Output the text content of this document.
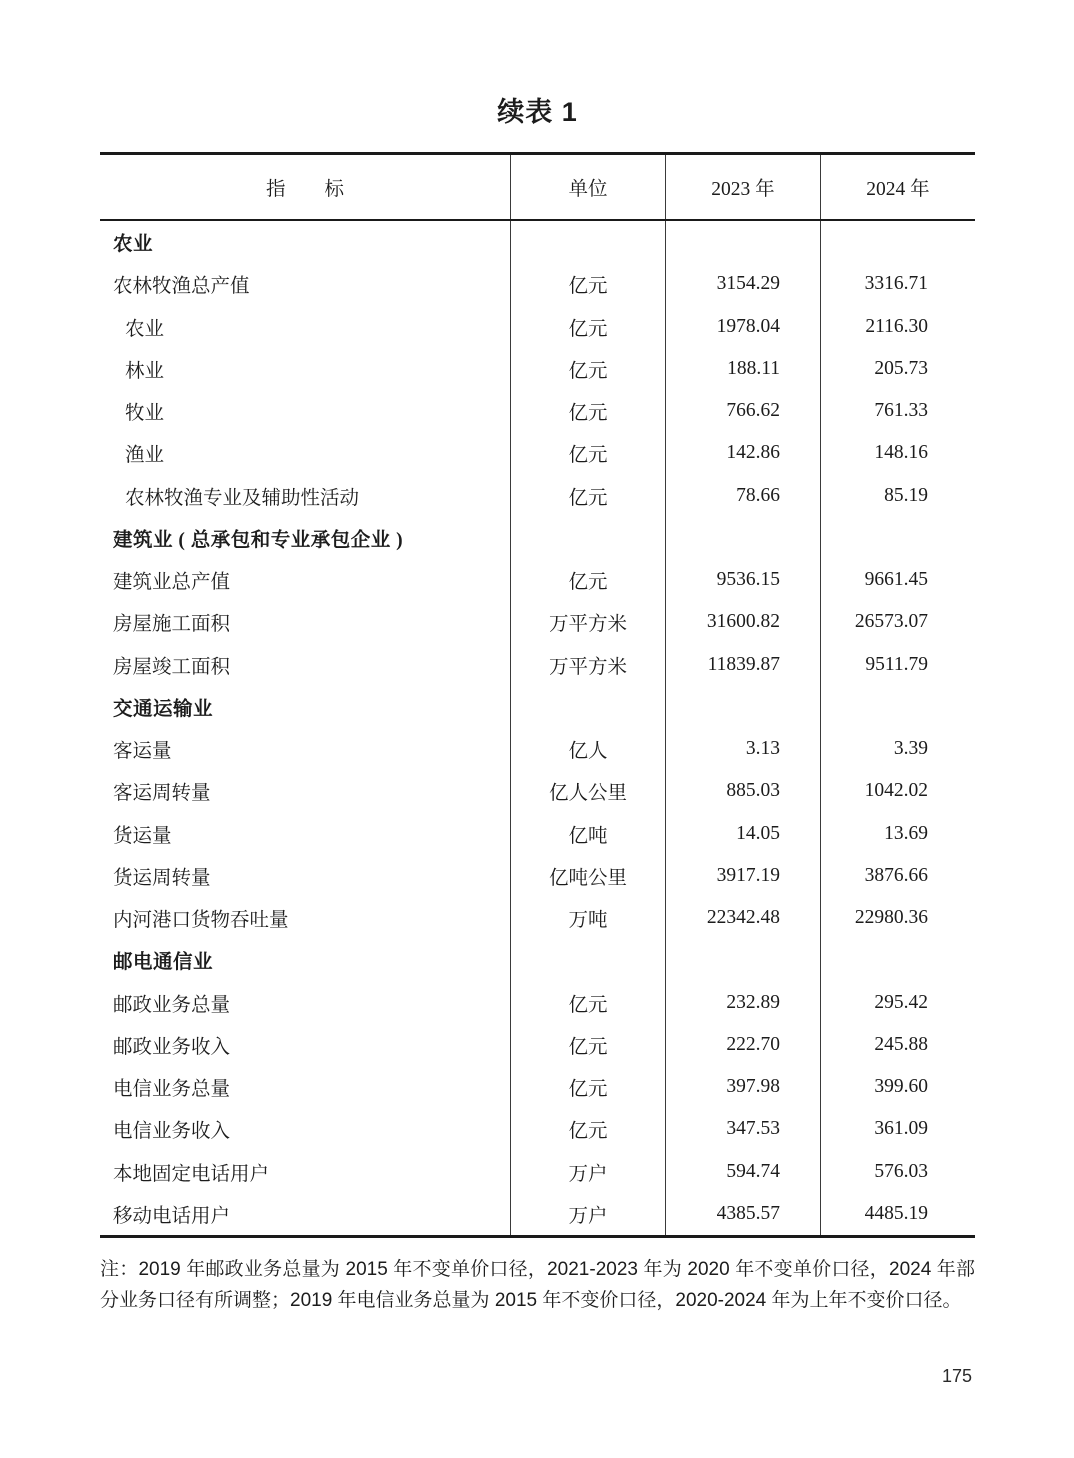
续表 1
指　　标	单位	2023 年	2024 年
农业
农林牧渔总产值	亿元	3154.29	3316.71
农业	亿元	1978.04	2116.30
林业	亿元	188.11	205.73
牧业	亿元	766.62	761.33
渔业	亿元	142.86	148.16
农林牧渔专业及辅助性活动	亿元	78.66	85.19
建筑业 ( 总承包和专业承包企业 )
建筑业总产值	亿元	9536.15	9661.45
房屋施工面积	万平方米	31600.82	26573.07
房屋竣工面积	万平方米	11839.87	9511.79
交通运输业
客运量	亿人	3.13	3.39
客运周转量	亿人公里	885.03	1042.02
货运量	亿吨	14.05	13.69
货运周转量	亿吨公里	3917.19	3876.66
内河港口货物吞吐量	万吨	22342.48	22980.36
邮电通信业
邮政业务总量	亿元	232.89	295.42
邮政业务收入	亿元	222.70	245.88
电信业务总量	亿元	397.98	399.60
电信业务收入	亿元	347.53	361.09
本地固定电话用户	万户	594.74	576.03
移动电话用户	万户	4385.57	4485.19

注：2019 年邮政业务总量为 2015 年不变单价口径，2021-2023 年为 2020 年不变单价口径，2024 年部分业务口径有所调整；2019 年电信业务总量为 2015 年不变价口径，2020-2024 年为上年不变价口径。

175
